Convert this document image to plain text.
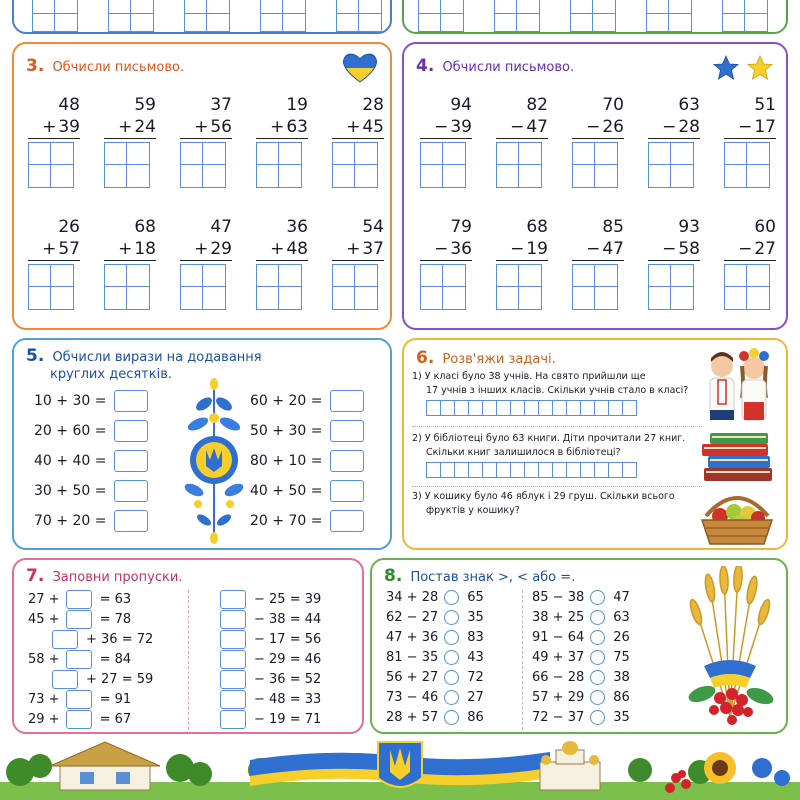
3. Обчисли письмово.
48
+ 39
59
+ 24
37
+ 56
19
+ 63
28
+ 45
26
+ 57
68
+ 18
47
+ 29
36
+ 48
54
+ 37
4. Обчисли письмово.
94
− 39
82
− 47
70
− 26
63
− 28
51
− 17
79
− 36
68
− 19
85
− 47
93
− 58
60
− 27
5. Обчисли вирази на додавання
круглих десятків.
10 + 30 =
20 + 60 =
40 + 40 =
30 + 50 =
70 + 20 =
60 + 20 =
50 + 30 =
80 + 10 =
40 + 50 =
20 + 70 =
6. Розв'яжи задачі.
1) У класі було 38 учнів. На свято прийшли ще
17 учнів з інших класів. Скільки учнів стало в класі?
2) У бібліотеці було 63 книги. Діти прочитали 27 книг.
Скільки книг залишилося в бібліотеці?
3) У кошику було 46 яблук і 29 груш. Скільки всього
фруктів у кошику?
7. Заповни пропуски.
27 +	= 63
45 +	= 78
+ 36 = 72
58 +	= 84
+ 27 = 59
73 +	= 91
29 +	= 67
− 25 = 39
− 38 = 44
− 17 = 56
− 29 = 46
− 36 = 52
− 48 = 33
− 19 = 71
8. Постав знак >, < або =.
34 + 28 65
62 − 27 35
47 + 36 83
81 − 35 43
56 + 27 72
73 − 46 27
28 + 57 86
85 − 38 47
38 + 25 63
91 − 64 26
49 + 37 75
66 − 28 38
57 + 29 86
72 − 37 35
